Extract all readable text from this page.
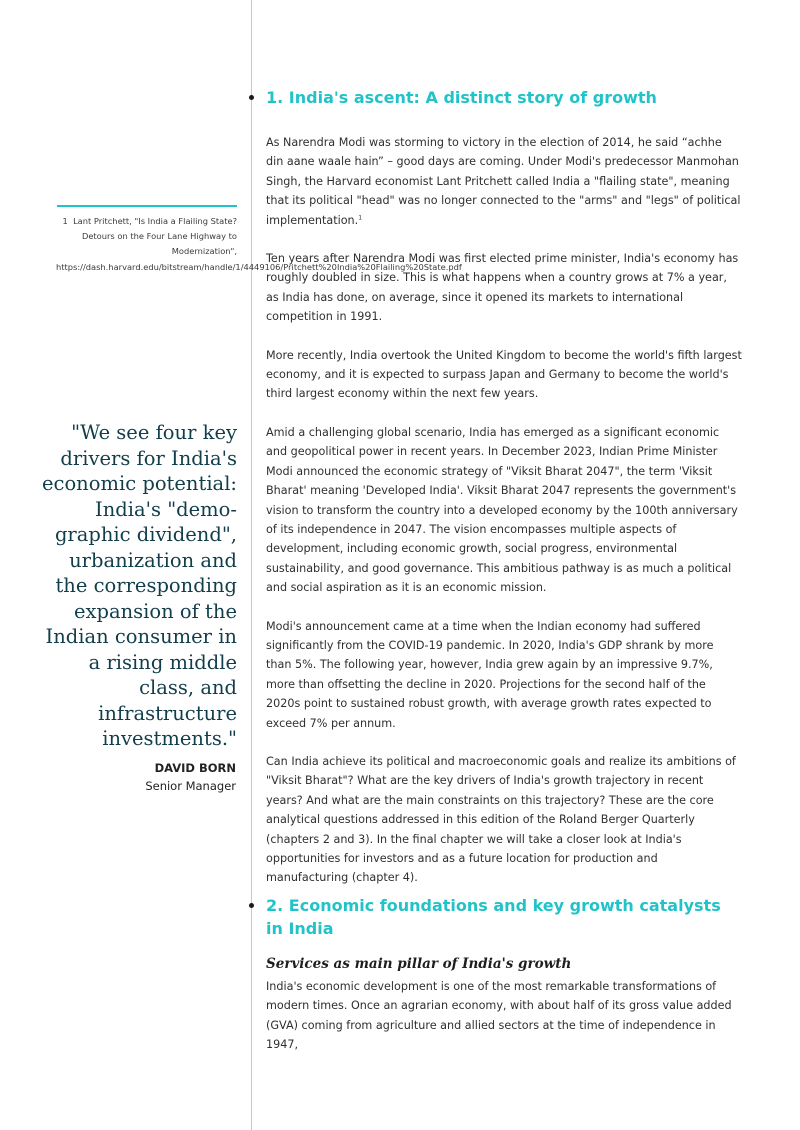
1. India's ascent: A distinct story of growth

As Narendra Modi was storming to victory in the election of 2014, he said “achhe din aane waale hain” – good days are coming. Under Modi's predecessor Manmohan Singh, the Harvard economist Lant Pritchett called India a "flailing state", meaning that its political "head" was no longer connected to the "arms" and "legs" of political implementation.$^1$

Ten years after Narendra Modi was first elected prime minister, India's economy has roughly doubled in size. This is what happens when a country grows at 7% a year, as India has done, on average, since it opened its markets to international competition in 1991.

More recently, India overtook the United Kingdom to become the world's fifth largest economy, and it is expected to surpass Japan and Germany to become the world's third largest economy within the next few years.

Amid a challenging global scenario, India has emerged as a significant economic and geopolitical power in recent years. In December 2023, Indian Prime Minister Modi announced the economic strategy of "Viksit Bharat 2047", the term 'Viksit Bharat' meaning 'Developed India'. Viksit Bharat 2047 represents the government's vision to transform the country into a developed economy by the 100th anniversary of its independence in 2047. The vision encompasses multiple aspects of development, including economic growth, social progress, environmental sustainability, and good governance. This ambitious pathway is as much a political and social aspiration as it is an economic mission.

Modi's announcement came at a time when the Indian economy had suffered significantly from the COVID-19 pandemic. In 2020, India's GDP shrank by more than 5%. The following year, however, India grew again by an impressive 9.7%, more than offsetting the decline in 2020. Projections for the second half of the 2020s point to sustained robust growth, with average growth rates expected to exceed 7% per annum.

Can India achieve its political and macroeconomic goals and realize its ambitions of "Viksit Bharat"? What are the key drivers of India's growth trajectory in recent years? And what are the main constraints on this trajectory? These are the core analytical questions addressed in this edition of the Roland Berger Quarterly (chapters 2 and 3). In the final chapter we will take a closer look at India's opportunities for investors and as a future location for production and manufacturing (chapter 4).

2. Economic foundations and key growth catalysts
in India
Services as main pillar of India's growth

India's economic development is one of the most remarkable transformations of modern times. Once an agrarian economy, with about half of its gross value added (GVA) coming from agriculture and allied sectors at the time of independence in 1947,

1 Lant Pritchett, "Is India a Flailing State? Detours on the Four Lane Highway to Modernization", https://dash.harvard.edu/bitstream/handle/1/4449106/Pritchett%20India%20Flailing%20State.pdf

"We see four key drivers for India's economic potential: India's "demo-graphic dividend", urbanization and the corresponding expansion of the Indian consumer in a rising middle class, and infrastructure investments."

DAVID BORN
Senior Manager
